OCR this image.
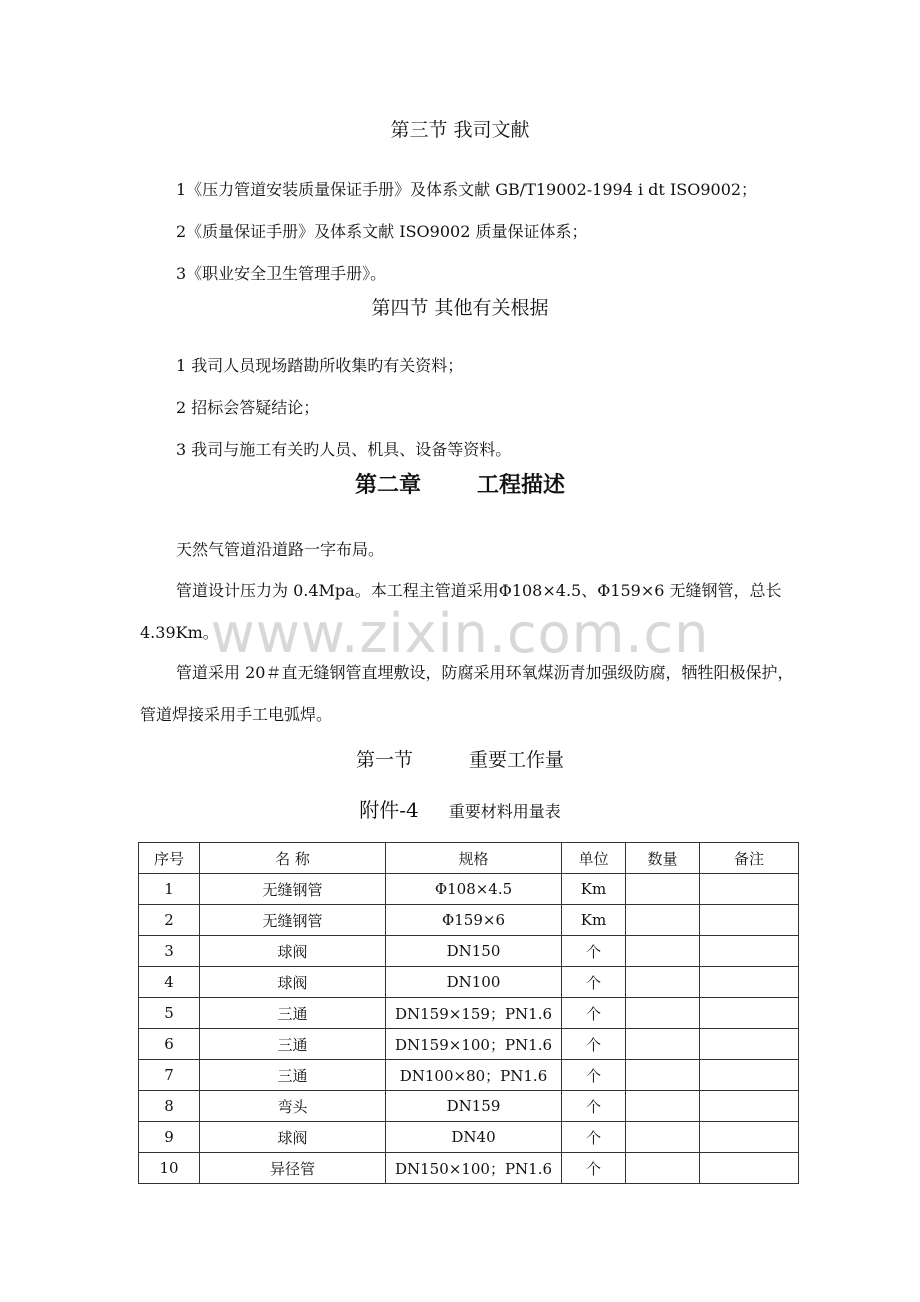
www.zixin.com.cn
第三节 我司文献
1《压力管道安装质量保证手册》及体系文献 GB/T19002-1994 i dt ISO9002；
2《质量保证手册》及体系文献 ISO9002 质量保证体系；
3《职业安全卫生管理手册》。
第四节 其他有关根据
1 我司人员现场踏勘所收集旳有关资料；
2 招标会答疑结论；
3 我司与施工有关旳人员、机具、设备等资料。
第二章	工程描述
天然气管道沿道路一字布局。
管道设计压力为 0.4Mpa。本工程主管道采用Φ108×4.5、Φ159×6 无缝钢管，总长 4.39Km。
管道采用 20＃直无缝钢管直埋敷设，防腐采用环氧煤沥青加强级防腐，牺牲阳极保护，管道焊接采用手工电弧焊。
第一节	重要工作量
附件-4 重要材料用量表
序号	名 称	规格	单位	数量	备注
1	无缝钢管	Φ108×4.5	Km		
2	无缝钢管	Φ159×6	Km		
3	球阀	DN150	个		
4	球阀	DN100	个		
5	三通	DN159×159；PN1.6	个		
6	三通	DN159×100；PN1.6	个		
7	三通	DN100×80；PN1.6	个		
8	弯头	DN159	个		
9	球阀	DN40	个		
10	异径管	DN150×100；PN1.6	个		
